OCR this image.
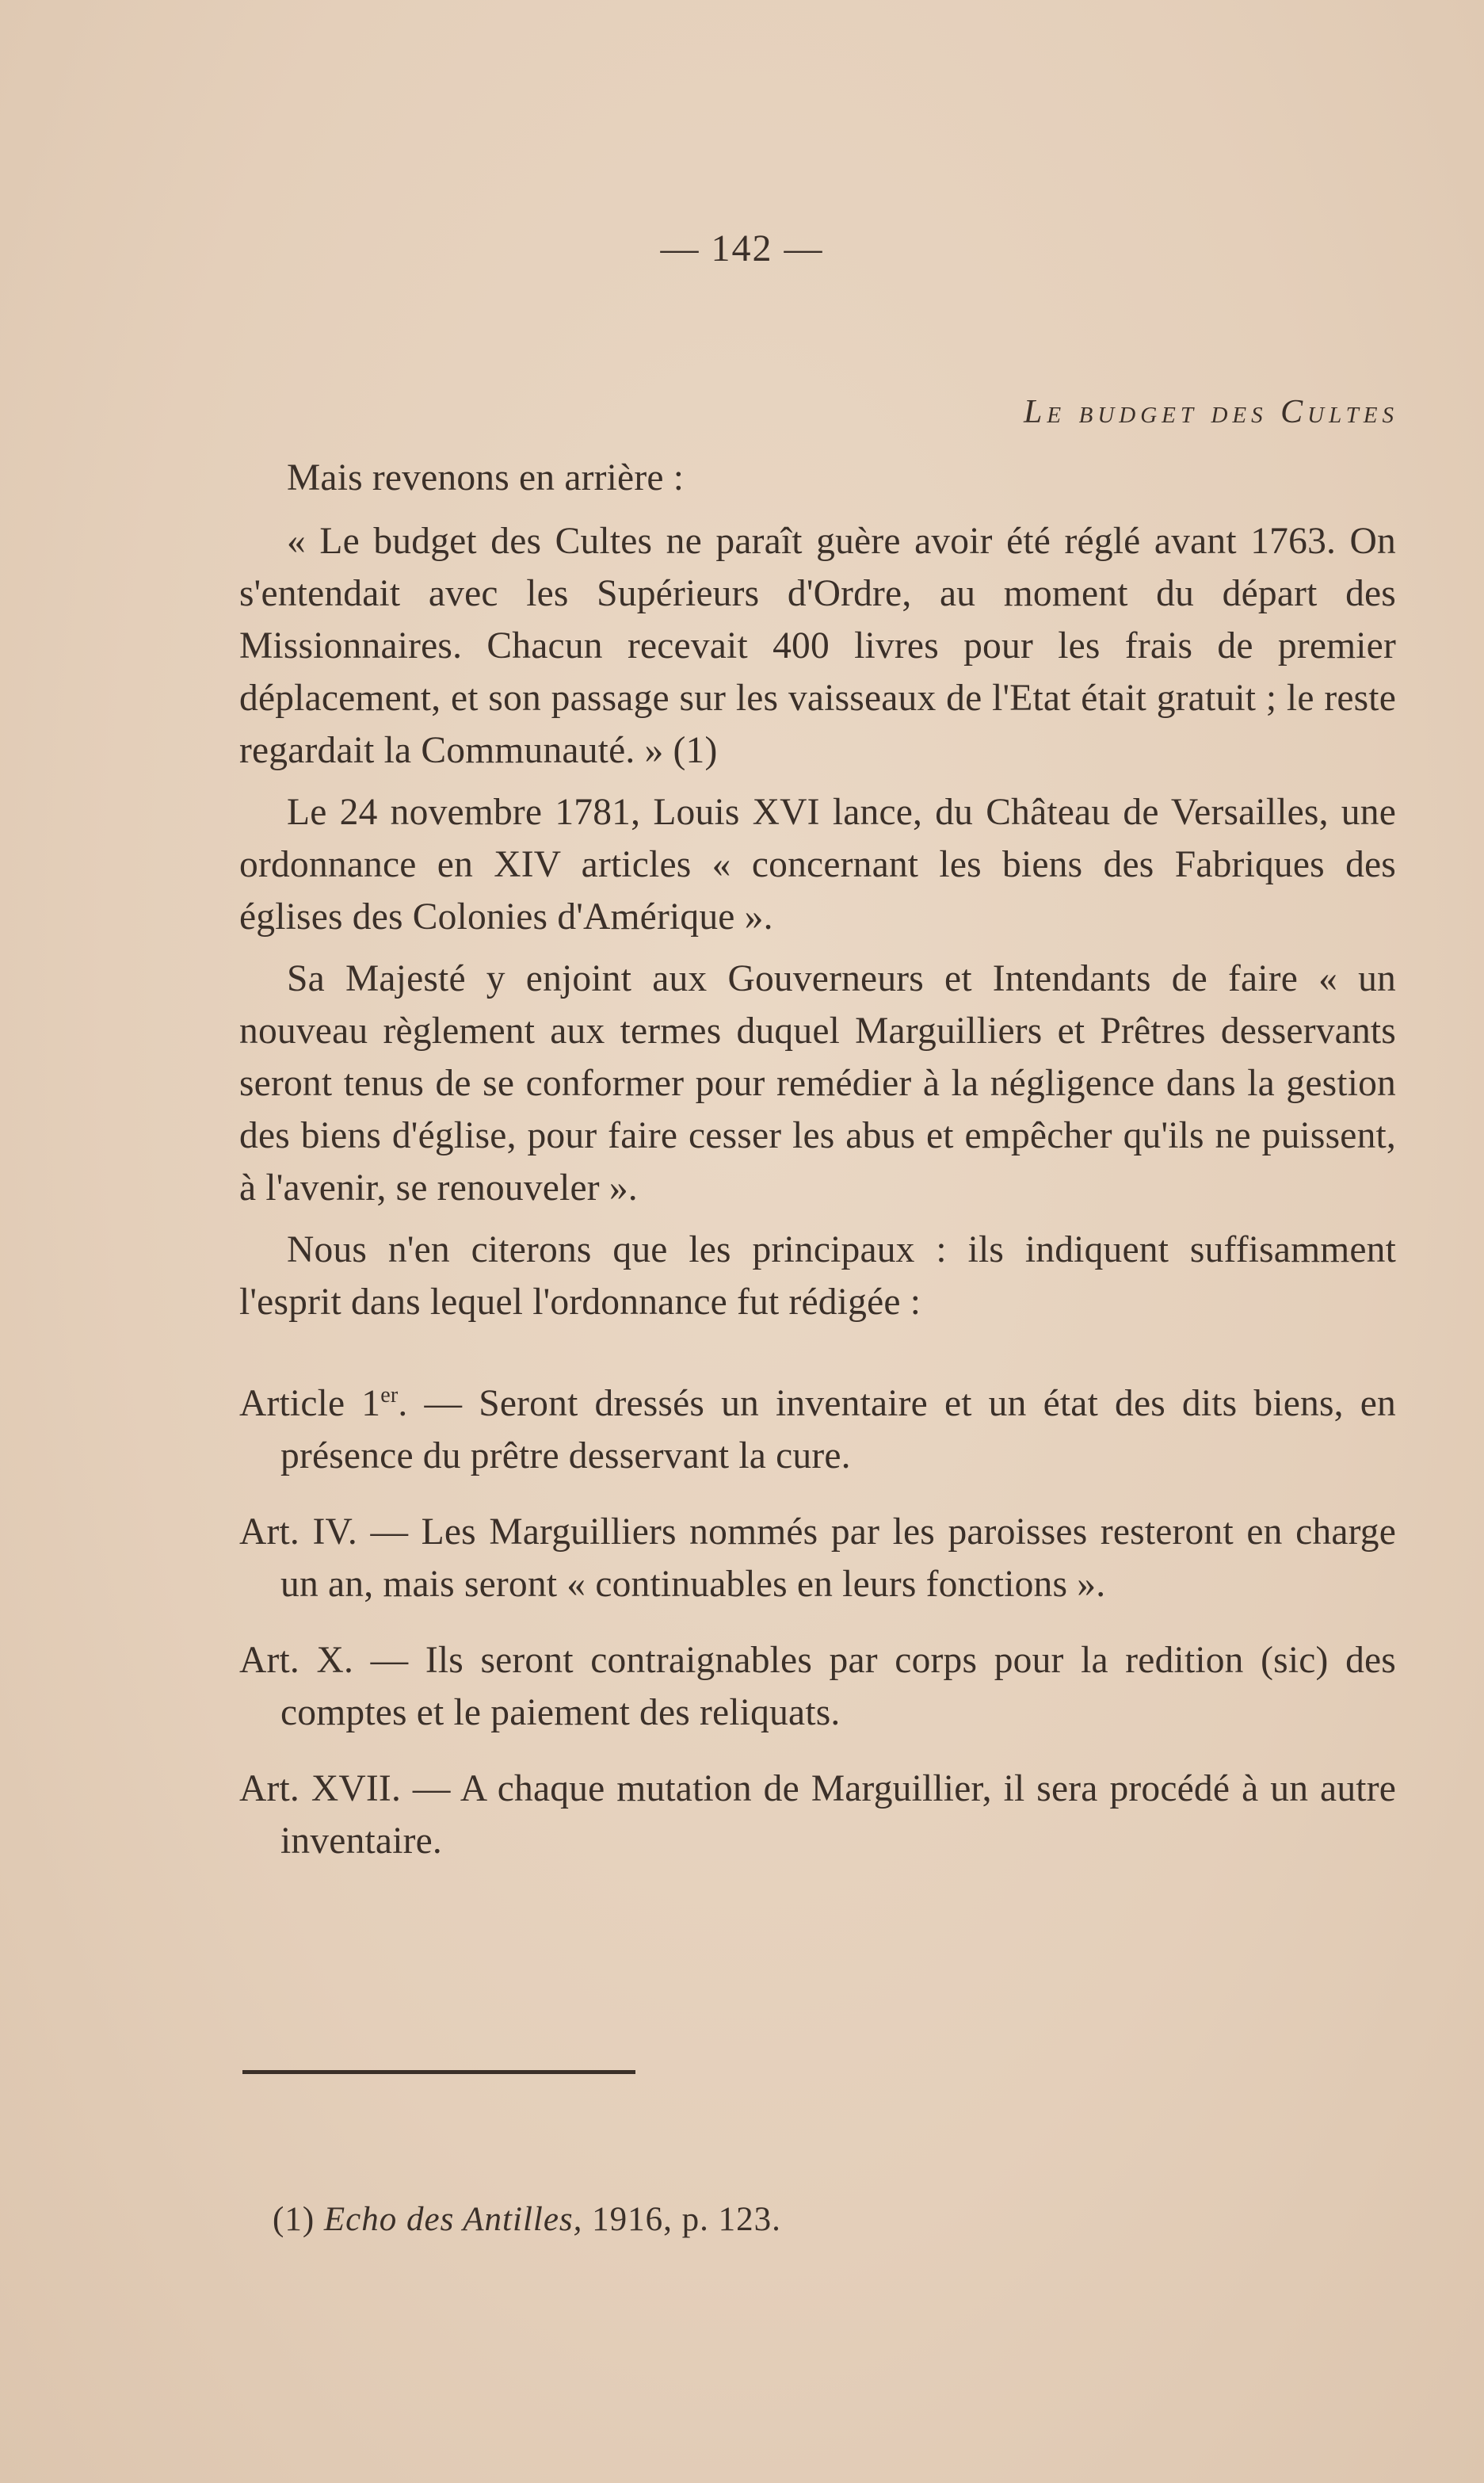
— 142 —
Le budget des Cultes

Mais revenons en arrière :

« Le budget des Cultes ne paraît guère avoir été réglé avant 1763. On s'entendait avec les Supérieurs d'Ordre, au moment du départ des Missionnaires. Chacun recevait 400 livres pour les frais de premier déplacement, et son passage sur les vaisseaux de l'Etat était gratuit ; le reste regardait la Communauté. » (1)

Le 24 novembre 1781, Louis XVI lance, du Château de Versailles, une ordonnance en XIV articles « concernant les biens des Fabriques des églises des Colonies d'Amérique ».

Sa Majesté y enjoint aux Gouverneurs et Intendants de faire « un nouveau règlement aux termes duquel Marguilliers et Prêtres desservants seront tenus de se conformer pour remédier à la négligence dans la gestion des biens d'église, pour faire cesser les abus et empêcher qu'ils ne puissent, à l'avenir, se renouveler ».

Nous n'en citerons que les principaux : ils indiquent suffisamment l'esprit dans lequel l'ordonnance fut rédigée :

Article 1er. — Seront dressés un inventaire et un état des dits biens, en présence du prêtre desservant la cure.

Art. IV. — Les Marguilliers nommés par les paroisses resteront en charge un an, mais seront « continuables en leurs fonctions ».

Art. X. — Ils seront contraignables par corps pour la redition (sic) des comptes et le paiement des reliquats.

Art. XVII. — A chaque mutation de Marguillier, il sera procédé à un autre inventaire.

(1) Echo des Antilles, 1916, p. 123.
